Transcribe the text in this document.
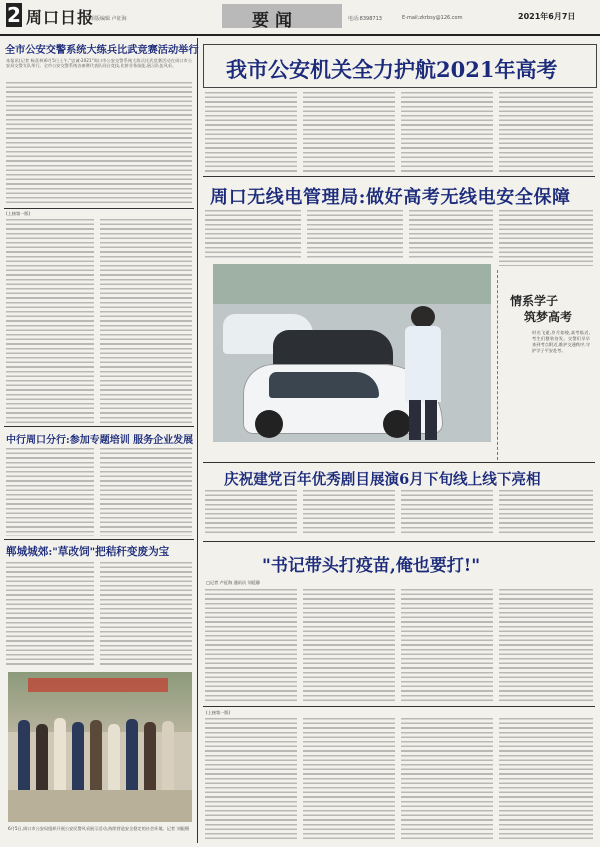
2 周口日报
组版编辑 卢征海	要闻	电话:8398713	E-mail:zkrbsy@126.com	2021年6月7日
全市公安交警系统大练兵比武竞赛活动举行
本报讯(记者 杨喜林)6月5日上午,"忠诚·2021"周口市公安交警系统大练兵比武竞赛活动在周口市公安局交警支队举行。全市公安交警系统各参赛代表队同台竞技,比拼业务技能,展示队伍风采。
(上接第一版)
中行周口分行:参加专题培训 服务企业发展
郸城城郊:"草改饲"把秸秆变废为宝
6月5日,周口市公安局组织开展公安民警风采展示活动,持续营造安全稳定的社会环境。记者 刘振摄
我市公安机关全力护航2021年高考
周口无线电管理局:做好高考无线电安全保障
情系学子
筑梦高考
时光飞逝,岁月如梭,高考临近,考生们整装待发。交警们早早来到考点附近,维护交通秩序,守护学子平安赴考。
庆祝建党百年优秀剧目展演6月下旬线上线下亮相
"书记带头打疫苗,俺也要打!"
□记者 卢征海 通讯员 刘延静
(上接第一版)
